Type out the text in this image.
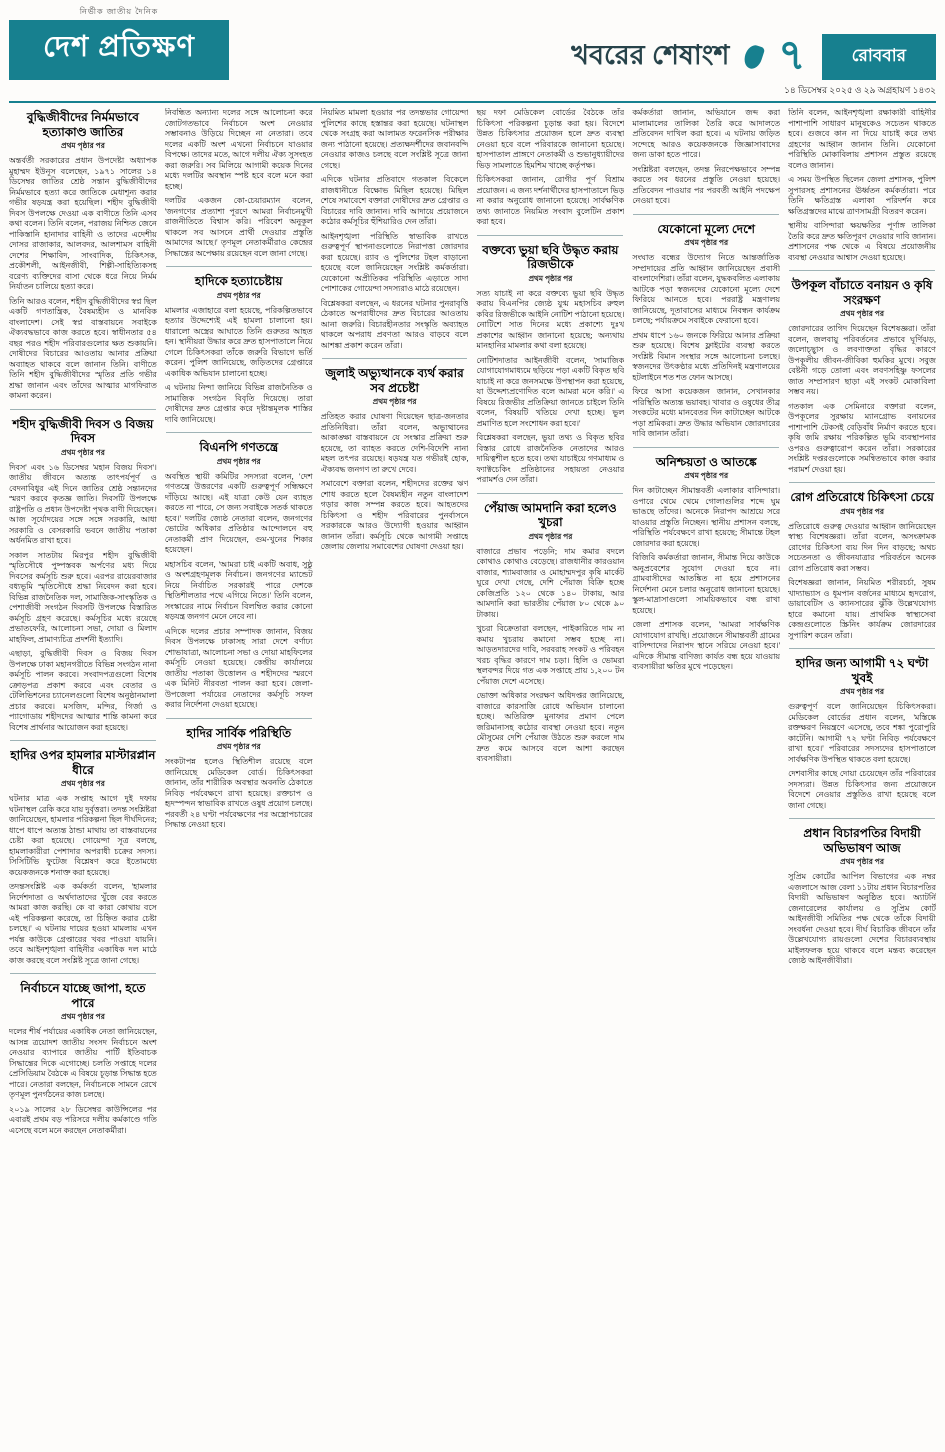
নির্ভীক জাতীয় দৈনিক
দেশ প্রতিক্ষণ	খবরের শেষাংশ ৭	রোববার
১৪ ডিসেম্বর ২০২৫ ও ২৯ অগ্রহায়ণ ১৪৩২
বুদ্ধিজীবীদের নির্মমভাবে হত্যাকাণ্ড জাতির
প্রথম পৃষ্ঠার পর

অন্তর্বর্তী সরকারের প্রধান উপদেষ্টা অধ্যাপক মুহাম্মদ ইউনূস বলেছেন, ১৯৭১ সালের ১৪ ডিসেম্বর জাতির শ্রেষ্ঠ সন্তান বুদ্ধিজীবীদের নির্মমভাবে হত্যা করে জাতিকে মেধাশূন্য করার গভীর ষড়যন্ত্র করা হয়েছিল। শহীদ বুদ্ধিজীবী দিবস উপলক্ষে দেওয়া এক বাণীতে তিনি এসব কথা বলেন। তিনি বলেন, পরাজয় নিশ্চিত জেনে পাকিস্তানি হানাদার বাহিনী ও তাদের এদেশীয় দোসর রাজাকার, আলবদর, আলশামস বাহিনী দেশের শিক্ষাবিদ, সাংবাদিক, চিকিৎসক, প্রকৌশলী, আইনজীবী, শিল্পী-সাহিত্যিকসহ বরেণ্য ব্যক্তিদের বাসা থেকে ধরে নিয়ে নির্মম নির্যাতন চালিয়ে হত্যা করে।

তিনি আরও বলেন, শহীদ বুদ্ধিজীবীদের স্বপ্ন ছিল একটি গণতান্ত্রিক, বৈষম্যহীন ও মানবিক বাংলাদেশ। সেই স্বপ্ন বাস্তবায়নে সবাইকে ঐক্যবদ্ধভাবে কাজ করতে হবে। স্বাধীনতার ৫৪ বছর পরও শহীদ পরিবারগুলোর ক্ষত শুকায়নি। দোষীদের বিচারের আওতায় আনার প্রক্রিয়া অব্যাহত থাকবে বলে জানান তিনি। বাণীতে তিনি শহীদ বুদ্ধিজীবীদের স্মৃতির প্রতি গভীর শ্রদ্ধা জানান এবং তাঁদের আত্মার মাগফিরাত কামনা করেন।

শহীদ বুদ্ধিজীবী দিবস ও বিজয় দিবস
প্রথম পৃষ্ঠার পর

দিবস' এবং ১৬ ডিসেম্বর 'মহান বিজয় দিবস'। জাতীয় জীবনে অত্যন্ত তাৎপর্যপূর্ণ ও বেদনাবিধুর এই দিনে জাতির শ্রেষ্ঠ সন্তানদের স্মরণ করবে কৃতজ্ঞ জাতি। দিবসটি উপলক্ষে রাষ্ট্রপতি ও প্রধান উপদেষ্টা পৃথক বাণী দিয়েছেন। আজ সূর্যোদয়ের সঙ্গে সঙ্গে সরকারি, আধা সরকারি ও বেসরকারি ভবনে জাতীয় পতাকা অর্ধনমিত রাখা হবে।

সকাল সাতটায় মিরপুর শহীদ বুদ্ধিজীবী স্মৃতিসৌধে পুষ্পস্তবক অর্পণের মধ্য দিয়ে দিবসের কর্মসূচি শুরু হবে। এরপর রায়েরবাজার বধ্যভূমি স্মৃতিসৌধে শ্রদ্ধা নিবেদন করা হবে। বিভিন্ন রাজনৈতিক দল, সামাজিক-সাংস্কৃতিক ও পেশাজীবী সংগঠন দিবসটি উপলক্ষে বিস্তারিত কর্মসূচি গ্রহণ করেছে। কর্মসূচির মধ্যে রয়েছে প্রভাতফেরি, আলোচনা সভা, দোয়া ও মিলাদ মাহফিল, প্রামাণ্যচিত্র প্রদর্শনী ইত্যাদি।

এছাড়া, বুদ্ধিজীবী দিবস ও বিজয় দিবস উপলক্ষে ঢাকা মহানগরীতে বিভিন্ন সংগঠন নানা কর্মসূচি পালন করবে। সংবাদপত্রগুলো বিশেষ ক্রোড়পত্র প্রকাশ করবে এবং বেতার ও টেলিভিশনের চ্যানেলগুলো বিশেষ অনুষ্ঠানমালা প্রচার করবে। মসজিদ, মন্দির, গির্জা ও প্যাগোডায় শহীদদের আত্মার শান্তি কামনা করে বিশেষ প্রার্থনার আয়োজন করা হয়েছে।

হাদির ওপর হামলার মাস্টারপ্লান ধীরে
প্রথম পৃষ্ঠার পর

ঘটনার মাত্র এক সপ্তাহ আগে দুই দফায় ঘটনাস্থল রেকি করে যায় দুর্বৃত্তরা। তদন্ত সংশ্লিষ্টরা জানিয়েছেন, হামলার পরিকল্পনা ছিল দীর্ঘদিনের; ধাপে ধাপে অত্যন্ত ঠান্ডা মাথায় তা বাস্তবায়নের চেষ্টা করা হয়েছে। গোয়েন্দা সূত্র বলছে, হামলাকারীরা পেশাদার অপরাধী চক্রের সদস্য। সিসিটিভি ফুটেজ বিশ্লেষণ করে ইতোমধ্যে কয়েকজনকে শনাক্ত করা হয়েছে।

তদন্তসংশ্লিষ্ট এক কর্মকর্তা বলেন, 'হামলার নির্দেশদাতা ও অর্থদাতাদের খুঁজে বের করতে আমরা কাজ করছি। কে বা কারা কোথায় বসে এই পরিকল্পনা করেছে, তা চিহ্নিত করার চেষ্টা চলছে।' এ ঘটনায় দায়ের হওয়া মামলায় এখন পর্যন্ত কাউকে গ্রেপ্তারের খবর পাওয়া যায়নি। তবে আইনশৃঙ্খলা বাহিনীর একাধিক দল মাঠে কাজ করছে বলে সংশ্লিষ্ট সূত্রে জানা গেছে।

নির্বাচনে যাচ্ছে জাপা, হতে পারে
প্রথম পৃষ্ঠার পর

দলের শীর্ষ পর্যায়ের একাধিক নেতা জানিয়েছেন, আসন্ন ত্রয়োদশ জাতীয় সংসদ নির্বাচনে অংশ নেওয়ার ব্যাপারে জাতীয় পার্টি ইতিবাচক সিদ্ধান্তের দিকে এগোচ্ছে। চলতি সপ্তাহে দলের প্রেসিডিয়াম বৈঠকে এ বিষয়ে চূড়ান্ত সিদ্ধান্ত হতে পারে। নেতারা বলছেন, নির্বাচনকে সামনে রেখে তৃণমূল পুনর্গঠনের কাজ চলছে।

২০১৯ সালের ২৮ ডিসেম্বর কাউন্সিলের পর এবারই প্রথম বড় পরিসরে দলীয় কর্মকাণ্ডে গতি এসেছে বলে মনে করছেন নেতাকর্মীরা।

নিবন্ধিত অন্যান্য দলের সঙ্গে আলোচনা করে জোটগতভাবে নির্বাচনে অংশ নেওয়ার সম্ভাবনাও উড়িয়ে দিচ্ছেন না নেতারা। তবে দলের একটি অংশ এখনো নির্বাচনে যাওয়ার বিপক্ষে। তাদের মতে, আগে দলীয় ঐক্য সুসংহত করা জরুরি। সব মিলিয়ে আগামী কয়েক দিনের মধ্যে দলটির অবস্থান স্পষ্ট হবে বলে মনে করা হচ্ছে।

দলটির একজন কো-চেয়ারম্যান বলেন, 'জনগণের প্রত্যাশা পূরণে আমরা নির্বাচনমুখী রাজনীতিতে বিশ্বাস করি। পরিবেশ অনুকূল থাকলে সব আসনে প্রার্থী দেওয়ার প্রস্তুতি আমাদের আছে।' তৃণমূল নেতাকর্মীরাও কেন্দ্রের সিদ্ধান্তের অপেক্ষায় রয়েছেন বলে জানা গেছে।

হাদিকে হত্যাচেষ্টায়
প্রথম পৃষ্ঠার পর

মামলার এজাহারে বলা হয়েছে, পরিকল্পিতভাবে হত্যার উদ্দেশ্যেই এই হামলা চালানো হয়। ধারালো অস্ত্রের আঘাতে তিনি গুরুতর আহত হন। স্থানীয়রা উদ্ধার করে দ্রুত হাসপাতালে নিয়ে গেলে চিকিৎসকরা তাঁকে জরুরি বিভাগে ভর্তি করেন। পুলিশ জানিয়েছে, জড়িতদের গ্রেপ্তারে একাধিক অভিযান চালানো হচ্ছে।

এ ঘটনায় নিন্দা জানিয়ে বিভিন্ন রাজনৈতিক ও সামাজিক সংগঠন বিবৃতি দিয়েছে। তারা দোষীদের দ্রুত গ্রেপ্তার করে দৃষ্টান্তমূলক শাস্তির দাবি জানিয়েছে।

বিএনপি গণতন্ত্রে
প্রথম পৃষ্ঠার পর

অবস্থিত স্থায়ী কমিটির সদস্যরা বলেন, 'দেশ গণতন্ত্রে উত্তরণের একটি গুরুত্বপূর্ণ সন্ধিক্ষণে দাঁড়িয়ে আছে। এই যাত্রা কেউ যেন ব্যাহত করতে না পারে, সে জন্য সবাইকে সতর্ক থাকতে হবে।' দলটির জ্যেষ্ঠ নেতারা বলেন, জনগণের ভোটের অধিকার প্রতিষ্ঠার আন্দোলনে বহু নেতাকর্মী প্রাণ দিয়েছেন, গুম-খুনের শিকার হয়েছেন।

মহাসচিব বলেন, 'আমরা চাই একটি অবাধ, সুষ্ঠু ও অংশগ্রহণমূলক নির্বাচন। জনগণের ম্যান্ডেট নিয়ে নির্বাচিত সরকারই পারে দেশকে স্থিতিশীলতার পথে এগিয়ে নিতে।' তিনি বলেন, সংস্কারের নামে নির্বাচন বিলম্বিত করার কোনো ষড়যন্ত্র জনগণ মেনে নেবে না।

এদিকে দলের প্রচার সম্পাদক জানান, বিজয় দিবস উপলক্ষে ঢাকাসহ সারা দেশে বর্ণাঢ্য শোভাযাত্রা, আলোচনা সভা ও দোয়া মাহফিলের কর্মসূচি নেওয়া হয়েছে। কেন্দ্রীয় কার্যালয়ে জাতীয় পতাকা উত্তোলন ও শহীদদের স্মরণে এক মিনিট নীরবতা পালন করা হবে। জেলা-উপজেলা পর্যায়ের নেতাদের কর্মসূচি সফল করার নির্দেশনা দেওয়া হয়েছে।

হাদির সার্বিক পরিস্থিতি
প্রথম পৃষ্ঠার পর

সংকটাপন্ন হলেও স্থিতিশীল রয়েছে বলে জানিয়েছে মেডিকেল বোর্ড। চিকিৎসকরা জানান, তাঁর শারীরিক অবস্থার অবনতি ঠেকাতে নিবিড় পর্যবেক্ষণে রাখা হয়েছে। রক্তচাপ ও হৃদস্পন্দন স্বাভাবিক রাখতে ওষুধ প্রয়োগ চলছে। পরবর্তী ২৪ ঘণ্টা পর্যবেক্ষণের পর অস্ত্রোপচারের সিদ্ধান্ত নেওয়া হবে।

নিয়মিত মামলা হওয়ার পর তদন্তভার গোয়েন্দা পুলিশের কাছে হস্তান্তর করা হয়েছে। ঘটনাস্থল থেকে সংগ্রহ করা আলামত ফরেনসিক পরীক্ষার জন্য পাঠানো হয়েছে। প্রত্যক্ষদর্শীদের জবানবন্দি নেওয়ার কাজও চলছে বলে সংশ্লিষ্ট সূত্রে জানা গেছে।

এদিকে ঘটনার প্রতিবাদে গতকাল বিকেলে রাজধানীতে বিক্ষোভ মিছিল হয়েছে। মিছিল শেষে সমাবেশে বক্তারা দোষীদের দ্রুত গ্রেপ্তার ও বিচারের দাবি জানান। দাবি আদায়ে প্রয়োজনে কঠোর কর্মসূচির হুঁশিয়ারিও দেন তাঁরা।

আইনশৃঙ্খলা পরিস্থিতি স্বাভাবিক রাখতে গুরুত্বপূর্ণ স্থাপনাগুলোতে নিরাপত্তা জোরদার করা হয়েছে। র‌্যাব ও পুলিশের টহল বাড়ানো হয়েছে বলে জানিয়েছেন সংশ্লিষ্ট কর্মকর্তারা। যেকোনো অপ্রীতিকর পরিস্থিতি এড়াতে সাদা পোশাকের গোয়েন্দা সদস্যরাও মাঠে রয়েছেন।

বিশ্লেষকরা বলছেন, এ ধরনের ঘটনার পুনরাবৃত্তি ঠেকাতে অপরাধীদের দ্রুত বিচারের আওতায় আনা জরুরি। বিচারহীনতার সংস্কৃতি অব্যাহত থাকলে অপরাধ প্রবণতা আরও বাড়বে বলে আশঙ্কা প্রকাশ করেন তাঁরা।

জুলাই অভ্যুত্থানকে ব্যর্থ করার সব প্রচেষ্টা
প্রথম পৃষ্ঠার পর

প্রতিহত করার ঘোষণা দিয়েছেন ছাত্র-জনতার প্রতিনিধিরা। তাঁরা বলেন, অভ্যুত্থানের আকাঙ্ক্ষা বাস্তবায়নে যে সংস্কার প্রক্রিয়া শুরু হয়েছে, তা ব্যাহত করতে দেশি-বিদেশি নানা মহল তৎপর রয়েছে। ষড়যন্ত্র যত গভীরই হোক, ঐক্যবদ্ধ জনগণ তা রুখে দেবে।

সমাবেশে বক্তারা বলেন, শহীদদের রক্তের ঋণ শোধ করতে হলে বৈষম্যহীন নতুন বাংলাদেশ গড়ার কাজ সম্পন্ন করতে হবে। আহতদের চিকিৎসা ও শহীদ পরিবারের পুনর্বাসনে সরকারকে আরও উদ্যোগী হওয়ার আহ্বান জানান তাঁরা। কর্মসূচি থেকে আগামী সপ্তাহে জেলায় জেলায় সমাবেশের ঘোষণা দেওয়া হয়।

ছয় দফা মেডিকেল বোর্ডের বৈঠকে তাঁর চিকিৎসা পরিকল্পনা চূড়ান্ত করা হয়। বিদেশে উন্নত চিকিৎসার প্রয়োজন হলে দ্রুত ব্যবস্থা নেওয়া হবে বলে পরিবারকে জানানো হয়েছে। হাসপাতাল প্রাঙ্গণে নেতাকর্মী ও শুভানুধ্যায়ীদের ভিড় সামলাতে হিমশিম খাচ্ছে কর্তৃপক্ষ।

চিকিৎসকরা জানান, রোগীর পূর্ণ বিশ্রাম প্রয়োজন। এ জন্য দর্শনার্থীদের হাসপাতালে ভিড় না করার অনুরোধ জানানো হয়েছে। সার্বক্ষণিক তথ্য জানাতে নিয়মিত সংবাদ বুলেটিন প্রকাশ করা হবে।

বক্তব্যে ভুয়া ছবি উদ্ধৃত করায় রিজভীকে
প্রথম পৃষ্ঠার পর

সত্য যাচাই না করে বক্তব্যে ভুয়া ছবি উদ্ধৃত করায় বিএনপির জ্যেষ্ঠ যুগ্ম মহাসচিব রুহুল কবির রিজভীকে আইনি নোটিশ পাঠানো হয়েছে। নোটিশে সাত দিনের মধ্যে প্রকাশ্যে দুঃখ প্রকাশের আহ্বান জানানো হয়েছে; অন্যথায় মানহানির মামলার কথা বলা হয়েছে।

নোটিশদাতার আইনজীবী বলেন, 'সামাজিক যোগাযোগমাধ্যমে ছড়িয়ে পড়া একটি বিকৃত ছবি যাচাই না করে জনসমক্ষে উপস্থাপন করা হয়েছে, যা উদ্দেশ্যপ্রণোদিত বলে আমরা মনে করি।' এ বিষয়ে রিজভীর প্রতিক্রিয়া জানতে চাইলে তিনি বলেন, 'বিষয়টি খতিয়ে দেখা হচ্ছে। ভুল প্রমাণিত হলে সংশোধন করা হবে।'

বিশ্লেষকরা বলছেন, ভুয়া তথ্য ও বিকৃত ছবির বিস্তার রোধে রাজনৈতিক নেতাদের আরও দায়িত্বশীল হতে হবে। তথ্য যাচাইয়ে গণমাধ্যম ও ফ্যাক্টচেকিং প্রতিষ্ঠানের সহায়তা নেওয়ার পরামর্শও দেন তাঁরা।

পেঁয়াজ আমদানি করা হলেও খুচরা
প্রথম পৃষ্ঠার পর

বাজারে প্রভাব পড়েনি; দাম কমার বদলে কোথাও কোথাও বেড়েছে। রাজধানীর কারওয়ান বাজার, শ্যামবাজার ও মোহাম্মদপুর কৃষি মার্কেট ঘুরে দেখা গেছে, দেশি পেঁয়াজ বিক্রি হচ্ছে কেজিপ্রতি ১২০ থেকে ১৪০ টাকায়, আর আমদানি করা ভারতীয় পেঁয়াজ ৮০ থেকে ৯০ টাকায়।

খুচরা বিক্রেতারা বলছেন, পাইকারিতে দাম না কমায় খুচরায় কমানো সম্ভব হচ্ছে না। আড়তদারদের দাবি, সরবরাহ সংকট ও পরিবহন খরচ বৃদ্ধির কারণে দাম চড়া। হিলি ও ভোমরা স্থলবন্দর দিয়ে গত এক সপ্তাহে প্রায় ১,২০০ টন পেঁয়াজ দেশে এসেছে।

ভোক্তা অধিকার সংরক্ষণ অধিদপ্তর জানিয়েছে, বাজারে কারসাজি রোধে অভিযান চালানো হচ্ছে। অতিরিক্ত মুনাফার প্রমাণ পেলে জরিমানাসহ কঠোর ব্যবস্থা নেওয়া হবে। নতুন মৌসুমের দেশি পেঁয়াজ উঠতে শুরু করলে দাম দ্রুত কমে আসবে বলে আশা করছেন ব্যবসায়ীরা।

কর্মকর্তারা জানান, অভিযানে জব্দ করা মালামালের তালিকা তৈরি করে আদালতে প্রতিবেদন দাখিল করা হবে। এ ঘটনায় জড়িত সন্দেহে আরও কয়েকজনকে জিজ্ঞাসাবাদের জন্য ডাকা হতে পারে।

সংশ্লিষ্টরা বলছেন, তদন্ত নিরপেক্ষভাবে সম্পন্ন করতে সব ধরনের প্রস্তুতি নেওয়া হয়েছে। প্রতিবেদন পাওয়ার পর পরবর্তী আইনি পদক্ষেপ নেওয়া হবে।

যেকোনো মূল্যে দেশে
প্রথম পৃষ্ঠার পর

সংঘাত বন্ধের উদ্যোগ নিতে আন্তর্জাতিক সম্প্রদায়ের প্রতি আহ্বান জানিয়েছেন প্রবাসী বাংলাদেশিরা। তাঁরা বলেন, যুদ্ধকবলিত এলাকায় আটকে পড়া স্বজনদের যেকোনো মূল্যে দেশে ফিরিয়ে আনতে হবে। পররাষ্ট্র মন্ত্রণালয় জানিয়েছে, দূতাবাসের মাধ্যমে নিবন্ধন কার্যক্রম চলছে; পর্যায়ক্রমে সবাইকে ফেরানো হবে।

প্রথম ধাপে ১৬০ জনকে ফিরিয়ে আনার প্রক্রিয়া শুরু হয়েছে। বিশেষ ফ্লাইটের ব্যবস্থা করতে সংশ্লিষ্ট বিমান সংস্থার সঙ্গে আলোচনা চলছে। স্বজনদের উৎকণ্ঠার মধ্যে প্রতিদিনই মন্ত্রণালয়ের হটলাইনে শত শত ফোন আসছে।

ফিরে আসা কয়েকজন জানান, সেখানকার পরিস্থিতি অত্যন্ত ভয়াবহ। খাবার ও ওষুধের তীব্র সংকটের মধ্যে মানবেতর দিন কাটাচ্ছেন আটকে পড়া শ্রমিকরা। দ্রুত উদ্ধার অভিযান জোরদারের দাবি জানান তাঁরা।

অনিশ্চয়তা ও আতঙ্কে
প্রথম পৃষ্ঠার পর

দিন কাটাচ্ছেন সীমান্তবর্তী এলাকার বাসিন্দারা। ওপারে থেমে থেমে গোলাগুলির শব্দে ঘুম ভাঙছে তাঁদের। অনেকে নিরাপদ আশ্রয়ে সরে যাওয়ার প্রস্তুতি নিচ্ছেন। স্থানীয় প্রশাসন বলছে, পরিস্থিতি পর্যবেক্ষণে রাখা হয়েছে; সীমান্তে টহল জোরদার করা হয়েছে।

বিজিবি কর্মকর্তারা জানান, সীমান্ত দিয়ে কাউকে অনুপ্রবেশের সুযোগ দেওয়া হবে না। গ্রামবাসীদের আতঙ্কিত না হয়ে প্রশাসনের নির্দেশনা মেনে চলার অনুরোধ জানানো হয়েছে। স্কুল-মাদ্রাসাগুলো সাময়িকভাবে বন্ধ রাখা হয়েছে।

জেলা প্রশাসক বলেন, 'আমরা সার্বক্ষণিক যোগাযোগ রাখছি। প্রয়োজনে সীমান্তবর্তী গ্রামের বাসিন্দাদের নিরাপদ স্থানে সরিয়ে নেওয়া হবে।' এদিকে সীমান্ত বাণিজ্য কার্যত বন্ধ হয়ে যাওয়ায় ব্যবসায়ীরা ক্ষতির মুখে পড়েছেন।

তিনি বলেন, আইনশৃঙ্খলা রক্ষাকারী বাহিনীর পাশাপাশি সাধারণ মানুষকেও সচেতন থাকতে হবে। গুজবে কান না দিয়ে যাচাই করে তথ্য গ্রহণের আহ্বান জানান তিনি। যেকোনো পরিস্থিতি মোকাবিলায় প্রশাসন প্রস্তুত রয়েছে বলেও জানান।

এ সময় উপস্থিত ছিলেন জেলা প্রশাসক, পুলিশ সুপারসহ প্রশাসনের ঊর্ধ্বতন কর্মকর্তারা। পরে তিনি ক্ষতিগ্রস্ত এলাকা পরিদর্শন করে ক্ষতিগ্রস্তদের মাঝে ত্রাণসামগ্রী বিতরণ করেন।

স্থানীয় বাসিন্দারা ক্ষয়ক্ষতির পূর্ণাঙ্গ তালিকা তৈরি করে দ্রুত ক্ষতিপূরণ দেওয়ার দাবি জানান। প্রশাসনের পক্ষ থেকে এ বিষয়ে প্রয়োজনীয় ব্যবস্থা নেওয়ার আশ্বাস দেওয়া হয়েছে।

উপকূল বাঁচাতে বনায়ন ও কৃষি সংরক্ষণ
প্রথম পৃষ্ঠার পর

জোরদারের তাগিদ দিয়েছেন বিশেষজ্ঞরা। তাঁরা বলেন, জলবায়ু পরিবর্তনের প্রভাবে ঘূর্ণিঝড়, জলোচ্ছ্বাস ও লবণাক্ততা বৃদ্ধির কারণে উপকূলীয় জীবন-জীবিকা হুমকির মুখে। সবুজ বেষ্টনী গড়ে তোলা এবং লবণসহিষ্ণু ফসলের জাত সম্প্রসারণ ছাড়া এই সংকট মোকাবিলা সম্ভব নয়।

গতকাল এক সেমিনারে বক্তারা বলেন, উপকূলের সুরক্ষায় ম্যানগ্রোভ বনায়নের পাশাপাশি টেকসই বেড়িবাঁধ নির্মাণ করতে হবে। কৃষি জমি রক্ষায় পরিকল্পিত ভূমি ব্যবস্থাপনার ওপরও গুরুত্বারোপ করেন তাঁরা। সরকারের সংশ্লিষ্ট দপ্তরগুলোকে সমন্বিতভাবে কাজ করার পরামর্শ দেওয়া হয়।

রোগ প্রতিরোধে চিকিৎসা চেয়ে
প্রথম পৃষ্ঠার পর

প্রতিরোধে গুরুত্ব দেওয়ার আহ্বান জানিয়েছেন স্বাস্থ্য বিশেষজ্ঞরা। তাঁরা বলেন, অসংক্রামক রোগের চিকিৎসা ব্যয় দিন দিন বাড়ছে; অথচ সচেতনতা ও জীবনযাত্রার পরিবর্তনে অনেক রোগ প্রতিরোধ করা সম্ভব।

বিশেষজ্ঞরা জানান, নিয়মিত শরীরচর্চা, সুষম খাদ্যাভ্যাস ও ধূমপান বর্জনের মাধ্যমে হৃদরোগ, ডায়াবেটিস ও ক্যানসারের ঝুঁকি উল্লেখযোগ্য হারে কমানো যায়। প্রাথমিক স্বাস্থ্যসেবা কেন্দ্রগুলোতে স্ক্রিনিং কার্যক্রম জোরদারের সুপারিশ করেন তাঁরা।

হাদির জন্য আগামী ৭২ ঘণ্টা খুবই
প্রথম পৃষ্ঠার পর

গুরুত্বপূর্ণ বলে জানিয়েছেন চিকিৎসকরা। মেডিকেল বোর্ডের প্রধান বলেন, 'মস্তিষ্কে রক্তক্ষরণ নিয়ন্ত্রণে এসেছে, তবে শঙ্কা পুরোপুরি কাটেনি। আগামী ৭২ ঘণ্টা নিবিড় পর্যবেক্ষণে রাখা হবে।' পরিবারের সদস্যদের হাসপাতালে সার্বক্ষণিক উপস্থিত থাকতে বলা হয়েছে।

দেশবাসীর কাছে দোয়া চেয়েছেন তাঁর পরিবারের সদস্যরা। উন্নত চিকিৎসার জন্য প্রয়োজনে বিদেশে নেওয়ার প্রস্তুতিও রাখা হয়েছে বলে জানা গেছে।

প্রধান বিচারপতির বিদায়ী অভিভাষণ আজ
প্রথম পৃষ্ঠার পর

সুপ্রিম কোর্টের আপিল বিভাগের এক নম্বর এজলাসে আজ বেলা ১১টায় প্রধান বিচারপতির বিদায়ী অভিভাষণ অনুষ্ঠিত হবে। অ্যাটর্নি জেনারেলের কার্যালয় ও সুপ্রিম কোর্ট আইনজীবী সমিতির পক্ষ থেকে তাঁকে বিদায়ী সংবর্ধনা দেওয়া হবে। দীর্ঘ বিচারিক জীবনে তাঁর উল্লেখযোগ্য রায়গুলো দেশের বিচারব্যবস্থায় মাইলফলক হয়ে থাকবে বলে মন্তব্য করেছেন জ্যেষ্ঠ আইনজীবীরা।
